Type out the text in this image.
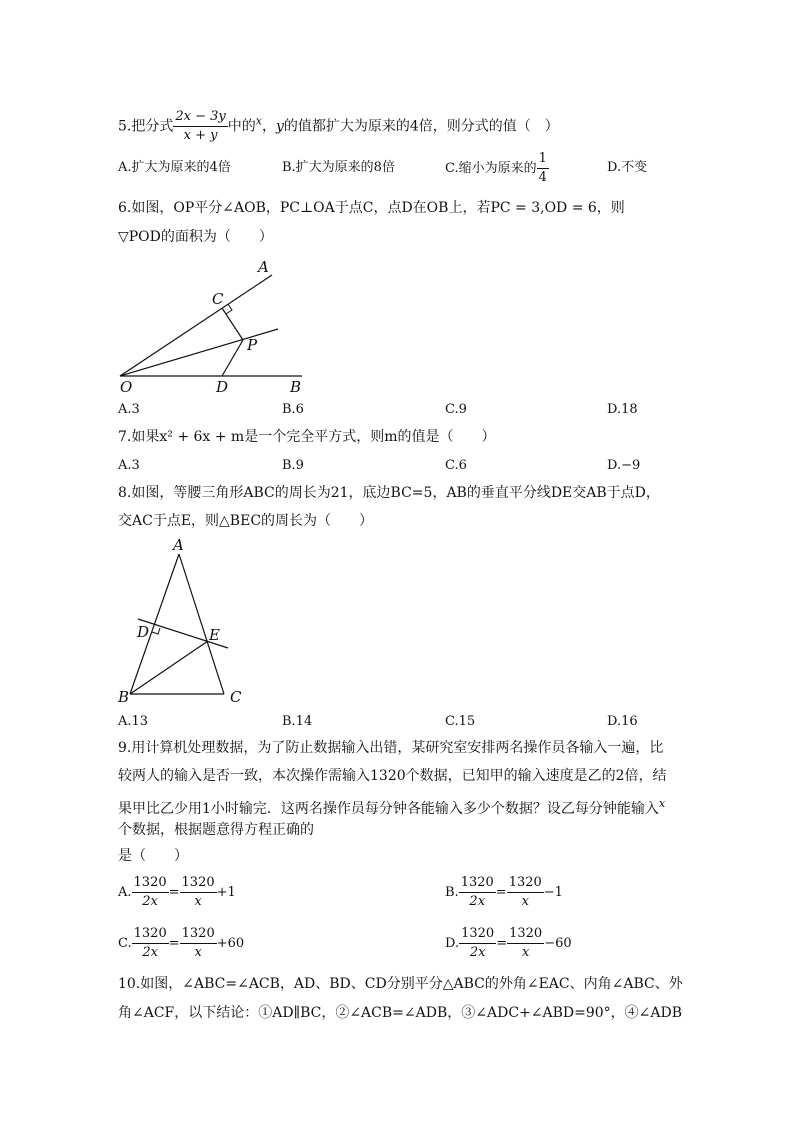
5.把分式 $\frac{2x - 3y}{x + y}$ 中的$^x$，y的值都扩大为原来的4倍，则分式的值（　）
A.扩大为原来的4倍	B.扩大为原来的8倍	C.缩小为原来的 $\frac{1}{4}$	D.不变
6.如图，OP平分∠AOB，PC⊥OA于点C，点D在OB上，若PC = 3,OD = 6，则
▽POD的面积为（　　）
A
C
P
O	D	B
A.3	B.6	C.9	D.18
7.如果x² + 6x + m是一个完全平方式，则m的值是（　　）
A.3	B.9	C.6	D.−9
8.如图，等腰三角形ABC的周长为21，底边BC=5，AB的垂直平分线DE交AB于点D，
交AC于点E，则△BEC的周长为（　　）
A
D	E
B	C
A.13	B.14	C.15	D.16
9.用计算机处理数据，为了防止数据输入出错，某研究室安排两名操作员各输入一遍，比
较两人的输入是否一致，本次操作需输入1320个数据，已知甲的输入速度是乙的2倍，结
果甲比乙少用1小时输完．这两名操作员每分钟各能输入多少个数据？设乙每分钟能输入$^x$
个数据，根据题意得方程正确的
是（　　）
A. $\frac{1320}{2x} = \frac{1320}{x} +1$	B. $\frac{1320}{2x} = \frac{1320}{x} -1$
C. $\frac{1320}{2x} = \frac{1320}{x} +60$	D. $\frac{1320}{2x} = \frac{1320}{x} -60$
10.如图，∠ABC=∠ACB，AD、BD、CD分别平分△ABC的外角∠EAC、内角∠ABC、外
角∠ACF，以下结论：①AD∥BC，②∠ACB=∠ADB，③∠ADC+∠ABD=90°，④∠ADB
